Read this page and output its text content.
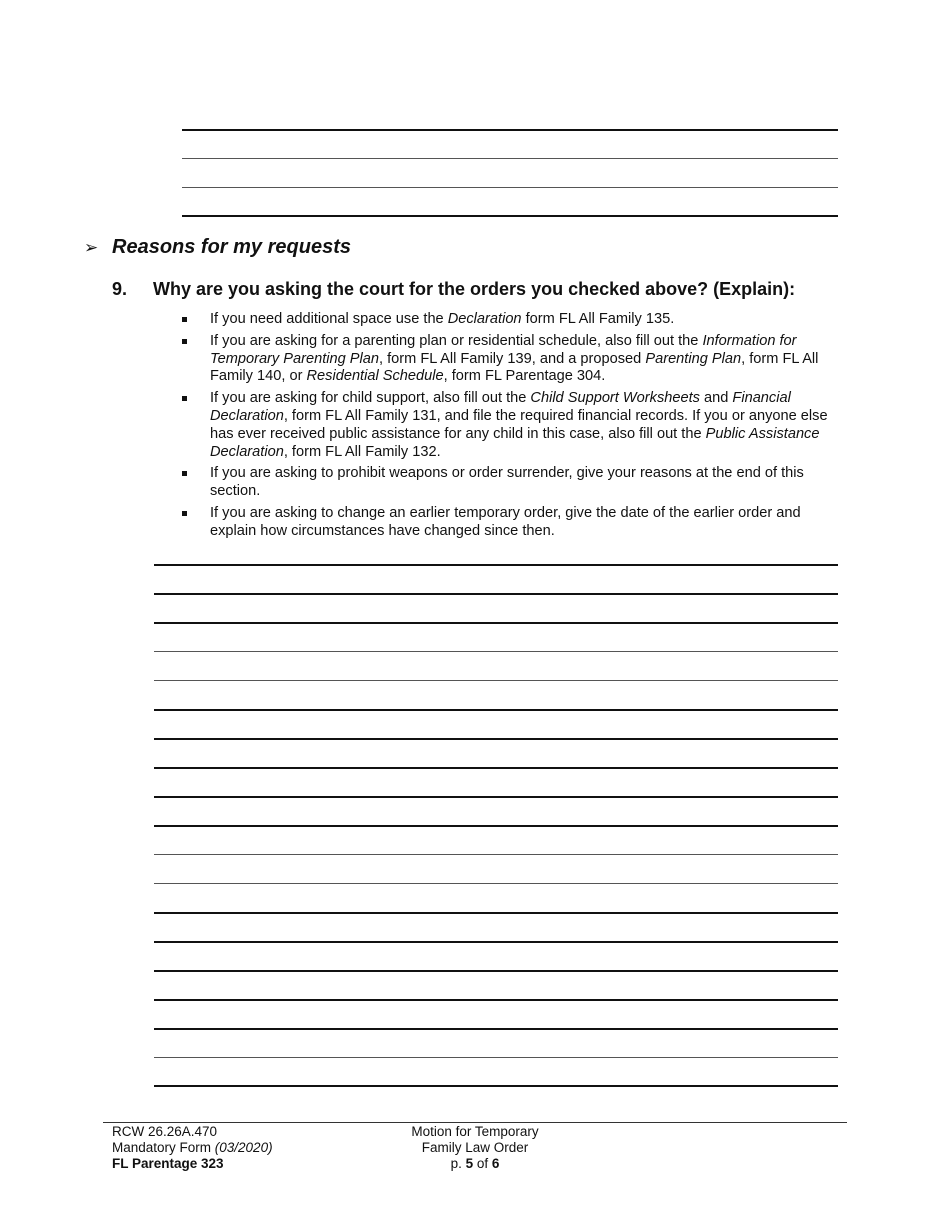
➢ Reasons for my requests
9. Why are you asking the court for the orders you checked above? (Explain):
If you need additional space use the Declaration form FL All Family 135.
If you are asking for a parenting plan or residential schedule, also fill out the Information for Temporary Parenting Plan, form FL All Family 139, and a proposed Parenting Plan, form FL All Family 140, or Residential Schedule, form FL Parentage 304.
If you are asking for child support, also fill out the Child Support Worksheets and Financial Declaration, form FL All Family 131, and file the required financial records. If you or anyone else has ever received public assistance for any child in this case, also fill out the Public Assistance Declaration, form FL All Family 132.
If you are asking to prohibit weapons or order surrender, give your reasons at the end of this section.
If you are asking to change an earlier temporary order, give the date of the earlier order and explain how circumstances have changed since then.
RCW 26.26A.470
Mandatory Form (03/2020)
FL Parentage 323
Motion for Temporary
Family Law Order
p. 5 of 6
